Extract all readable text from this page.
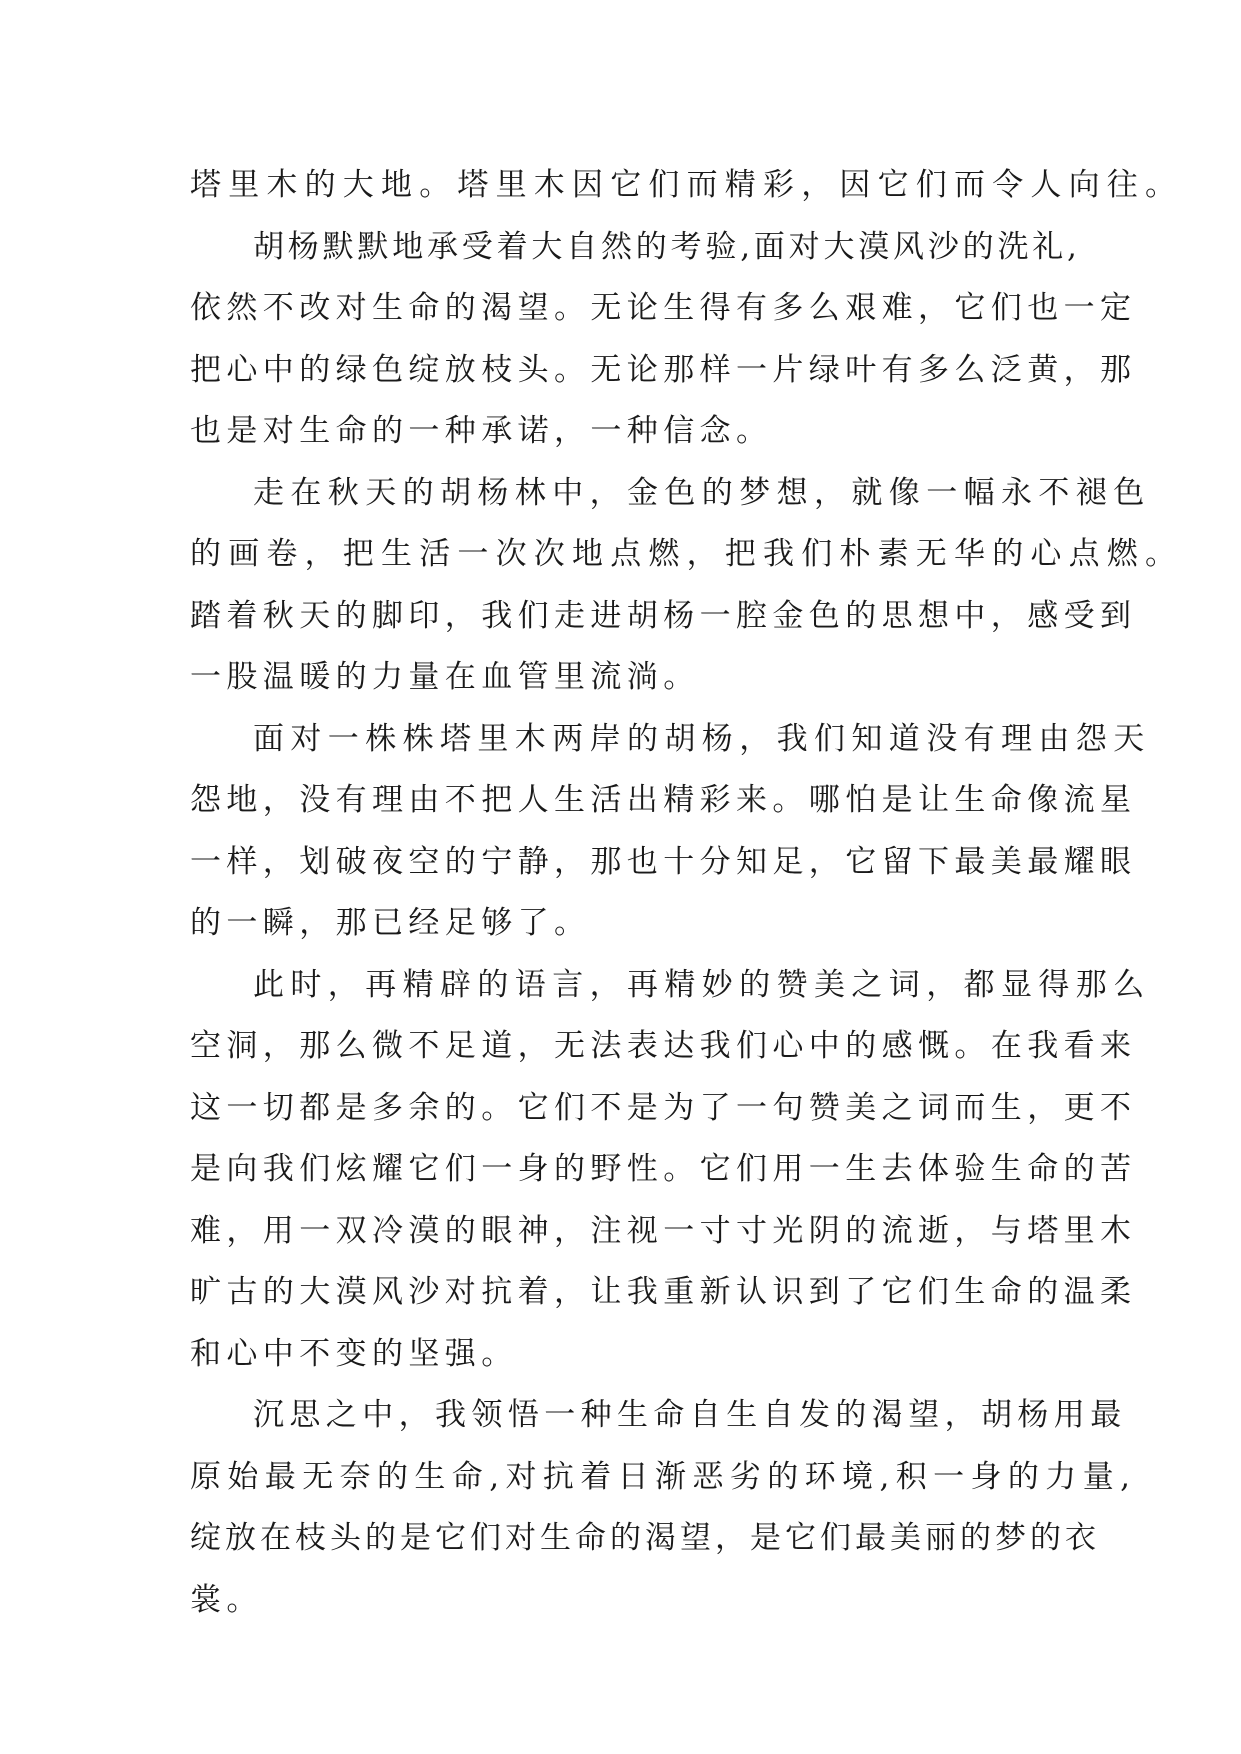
塔里木的大地。塔里木因它们而精彩，因它们而令人向往。
胡杨默默地承受着大自然的考验,面对大漠风沙的洗礼,
依然不改对生命的渴望。无论生得有多么艰难，它们也一定
把心中的绿色绽放枝头。无论那样一片绿叶有多么泛黄，那
也是对生命的一种承诺，一种信念。
走在秋天的胡杨林中，金色的梦想，就像一幅永不褪色
的画卷，把生活一次次地点燃，把我们朴素无华的心点燃。
踏着秋天的脚印，我们走进胡杨一腔金色的思想中，感受到
一股温暖的力量在血管里流淌。
面对一株株塔里木两岸的胡杨，我们知道没有理由怨天
怨地，没有理由不把人生活出精彩来。哪怕是让生命像流星
一样，划破夜空的宁静，那也十分知足，它留下最美最耀眼
的一瞬，那已经足够了。
此时，再精辟的语言，再精妙的赞美之词，都显得那么
空洞，那么微不足道，无法表达我们心中的感慨。在我看来
这一切都是多余的。它们不是为了一句赞美之词而生，更不
是向我们炫耀它们一身的野性。它们用一生去体验生命的苦
难，用一双冷漠的眼神，注视一寸寸光阴的流逝，与塔里木
旷古的大漠风沙对抗着，让我重新认识到了它们生命的温柔
和心中不变的坚强。
沉思之中，我领悟一种生命自生自发的渴望，胡杨用最
原始最无奈的生命,对抗着日渐恶劣的环境,积一身的力量,
绽放在枝头的是它们对生命的渴望，是它们最美丽的梦的衣
裳。
